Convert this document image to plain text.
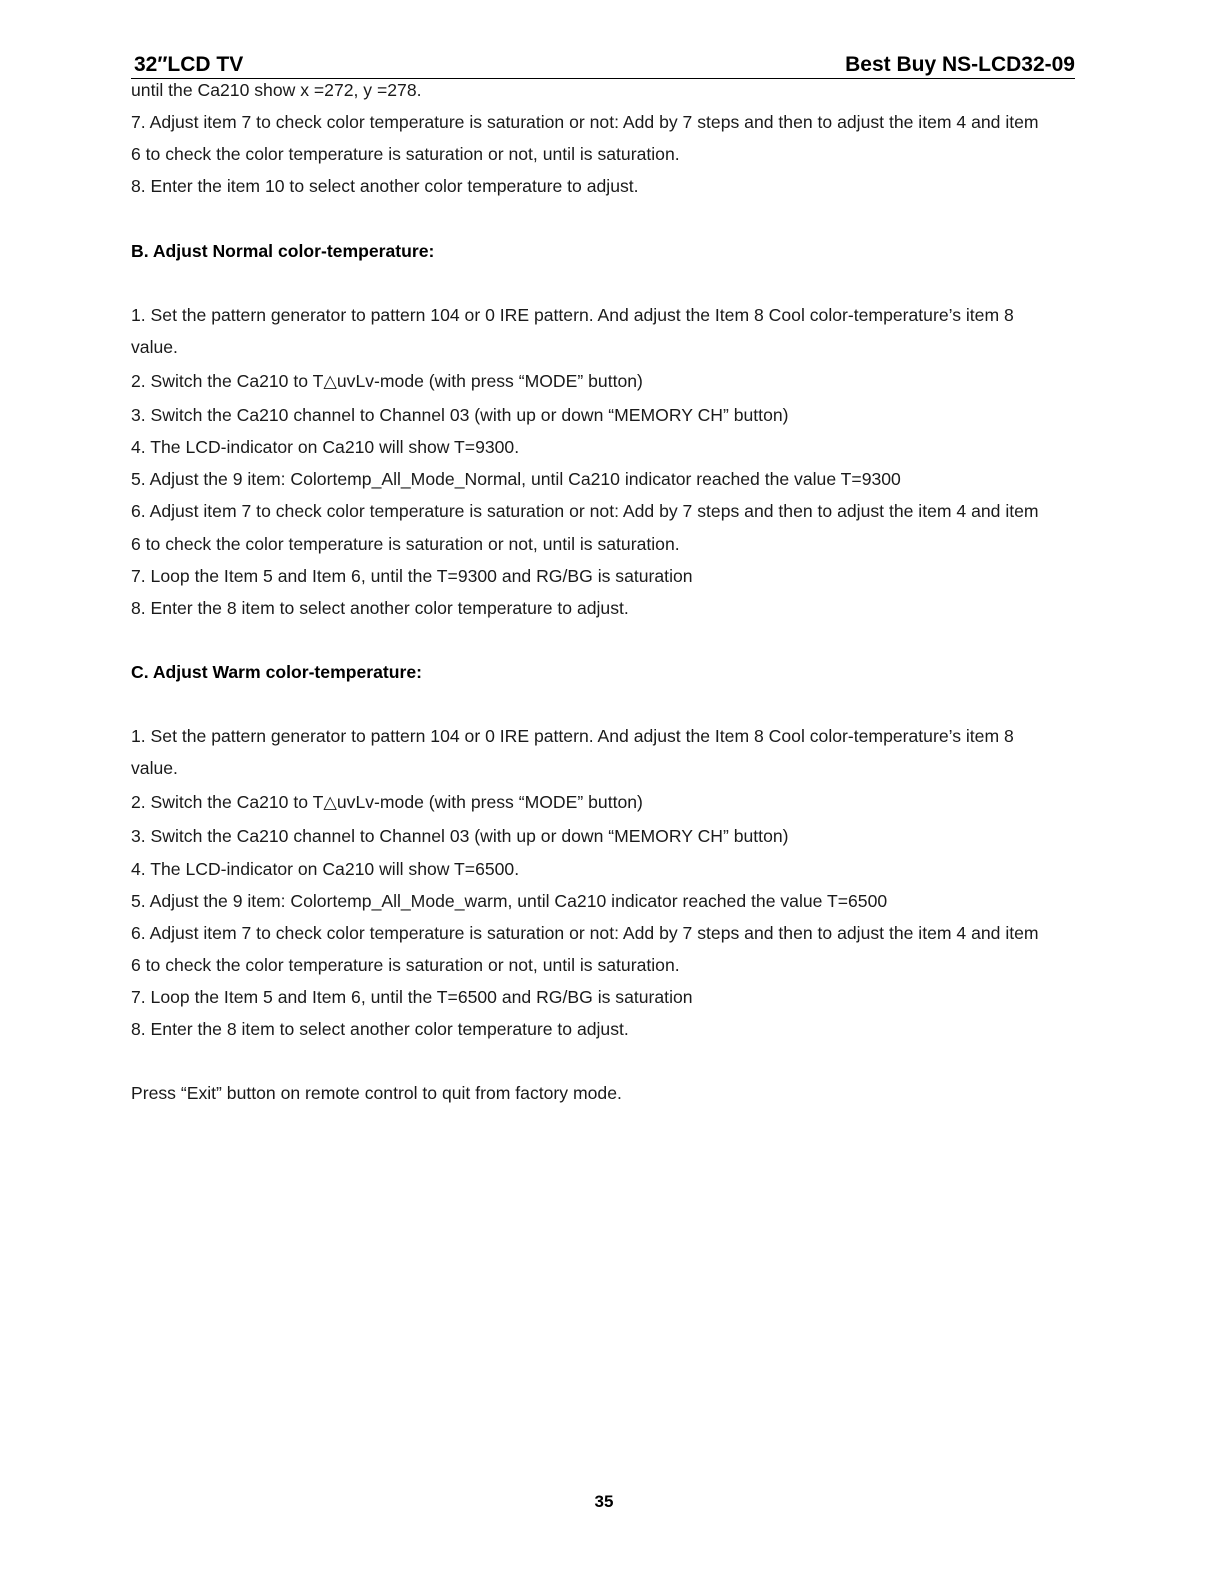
32″LCD TV	Best Buy NS-LCD32-09
until the Ca210 show x =272, y =278.
7. Adjust item 7 to check color temperature is saturation or not: Add by 7 steps and then to adjust the item 4 and item
6 to check the color temperature is saturation or not, until is saturation.
8. Enter the item 10 to select another color temperature to adjust.
B. Adjust Normal color-temperature:
1. Set the pattern generator to pattern 104 or 0 IRE pattern. And adjust the Item 8 Cool color-temperature’s item 8
value.
2. Switch the Ca210 to T△uvLv-mode (with press “MODE” button)
3. Switch the Ca210 channel to Channel 03 (with up or down “MEMORY CH” button)
4. The LCD-indicator on Ca210 will show T=9300.
5. Adjust the 9 item: Colortemp_All_Mode_Normal, until Ca210 indicator reached the value T=9300
6. Adjust item 7 to check color temperature is saturation or not: Add by 7 steps and then to adjust the item 4 and item
6 to check the color temperature is saturation or not, until is saturation.
7. Loop the Item 5 and Item 6, until the T=9300 and RG/BG is saturation
8. Enter the 8 item to select another color temperature to adjust.
C. Adjust Warm color-temperature:
1. Set the pattern generator to pattern 104 or 0 IRE pattern. And adjust the Item 8 Cool color-temperature’s item 8
value.
2. Switch the Ca210 to T△uvLv-mode (with press “MODE” button)
3. Switch the Ca210 channel to Channel 03 (with up or down “MEMORY CH” button)
4. The LCD-indicator on Ca210 will show T=6500.
5. Adjust the 9 item: Colortemp_All_Mode_warm, until Ca210 indicator reached the value T=6500
6. Adjust item 7 to check color temperature is saturation or not: Add by 7 steps and then to adjust the item 4 and item
6 to check the color temperature is saturation or not, until is saturation.
7. Loop the Item 5 and Item 6, until the T=6500 and RG/BG is saturation
8. Enter the 8 item to select another color temperature to adjust.
Press “Exit” button on remote control to quit from factory mode.
35
